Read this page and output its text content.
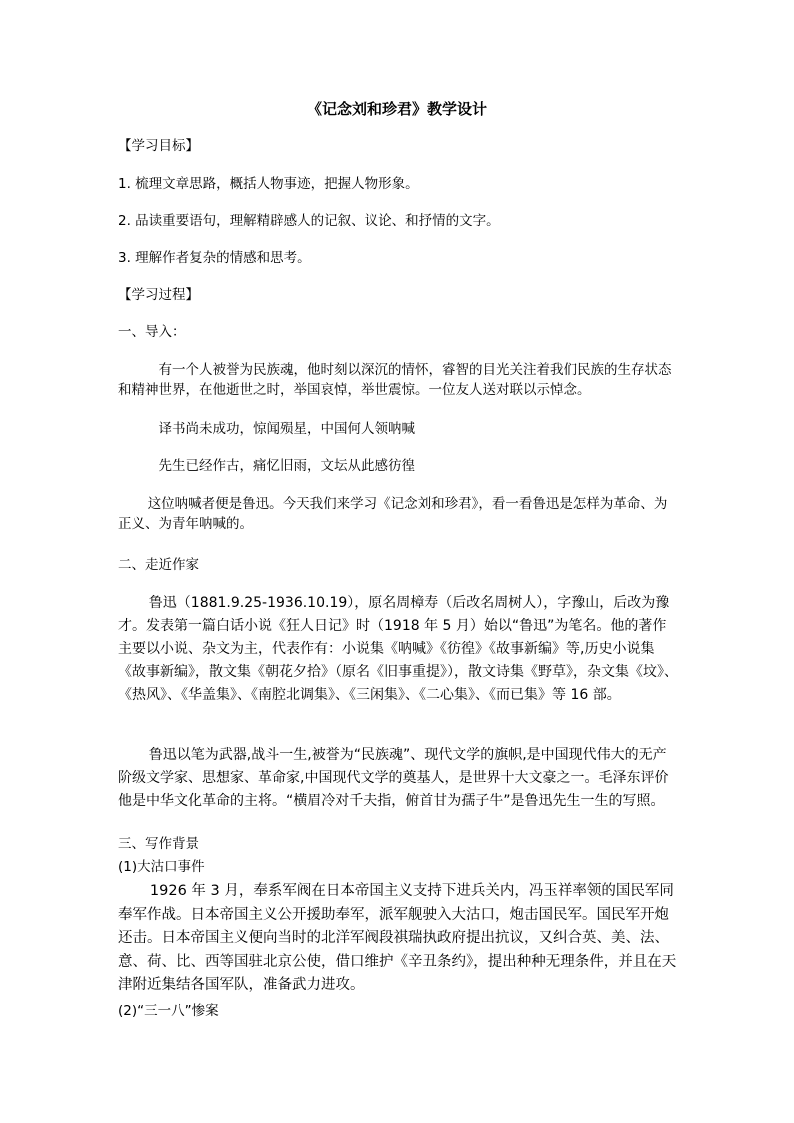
《记念刘和珍君》教学设计

【学习目标】

1. 梳理文章思路，概括人物事迹，把握人物形象。

2. 品读重要语句，理解精辟感人的记叙、议论、和抒情的文字。

3. 理解作者复杂的情感和思考。

【学习过程】

一、导入：

有一个人被誉为民族魂，他时刻以深沉的情怀，睿智的目光关注着我们民族的生存状态和精神世界，在他逝世之时，举国哀悼，举世震惊。一位友人送对联以示悼念。

译书尚未成功，惊闻殒星，中国何人领呐喊

先生已经作古，痛忆旧雨，文坛从此感彷徨

这位呐喊者便是鲁迅。今天我们来学习《记念刘和珍君》，看一看鲁迅是怎样为革命、为正义、为青年呐喊的。

二、走近作家

鲁迅（1881.9.25-1936.10.19），原名周樟寿（后改名周树人），字豫山，后改为豫才。发表第一篇白话小说《狂人日记》时（1918 年 5 月）始以“鲁迅”为笔名。他的著作主要以小说、杂文为主，代表作有：小说集《呐喊》《彷徨》《故事新编》等,历史小说集《故事新编》，散文集《朝花夕拾》（原名《旧事重提》），散文诗集《野草》，杂文集《坟》、《热风》、《华盖集》、《南腔北调集》、《三闲集》、《二心集》、《而已集》等 16 部。

鲁迅以笔为武器,战斗一生,被誉为“民族魂”、现代文学的旗帜,是中国现代伟大的无产阶级文学家、思想家、革命家,中国现代文学的奠基人，是世界十大文豪之一。毛泽东评价他是中华文化革命的主将。“横眉冷对千夫指，俯首甘为孺子牛”是鲁迅先生一生的写照。

三、写作背景

(1)大沽口事件

1926 年 3 月，奉系军阀在日本帝国主义支持下进兵关内，冯玉祥率领的国民军同奉军作战。日本帝国主义公开援助奉军，派军舰驶入大沽口，炮击国民军。国民军开炮还击。日本帝国主义便向当时的北洋军阀段祺瑞执政府提出抗议，又纠合英、美、法、意、荷、比、西等国驻北京公使，借口维护《辛丑条约》，提出种种无理条件，并且在天津附近集结各国军队，准备武力进攻。

(2)“三一八”惨案
